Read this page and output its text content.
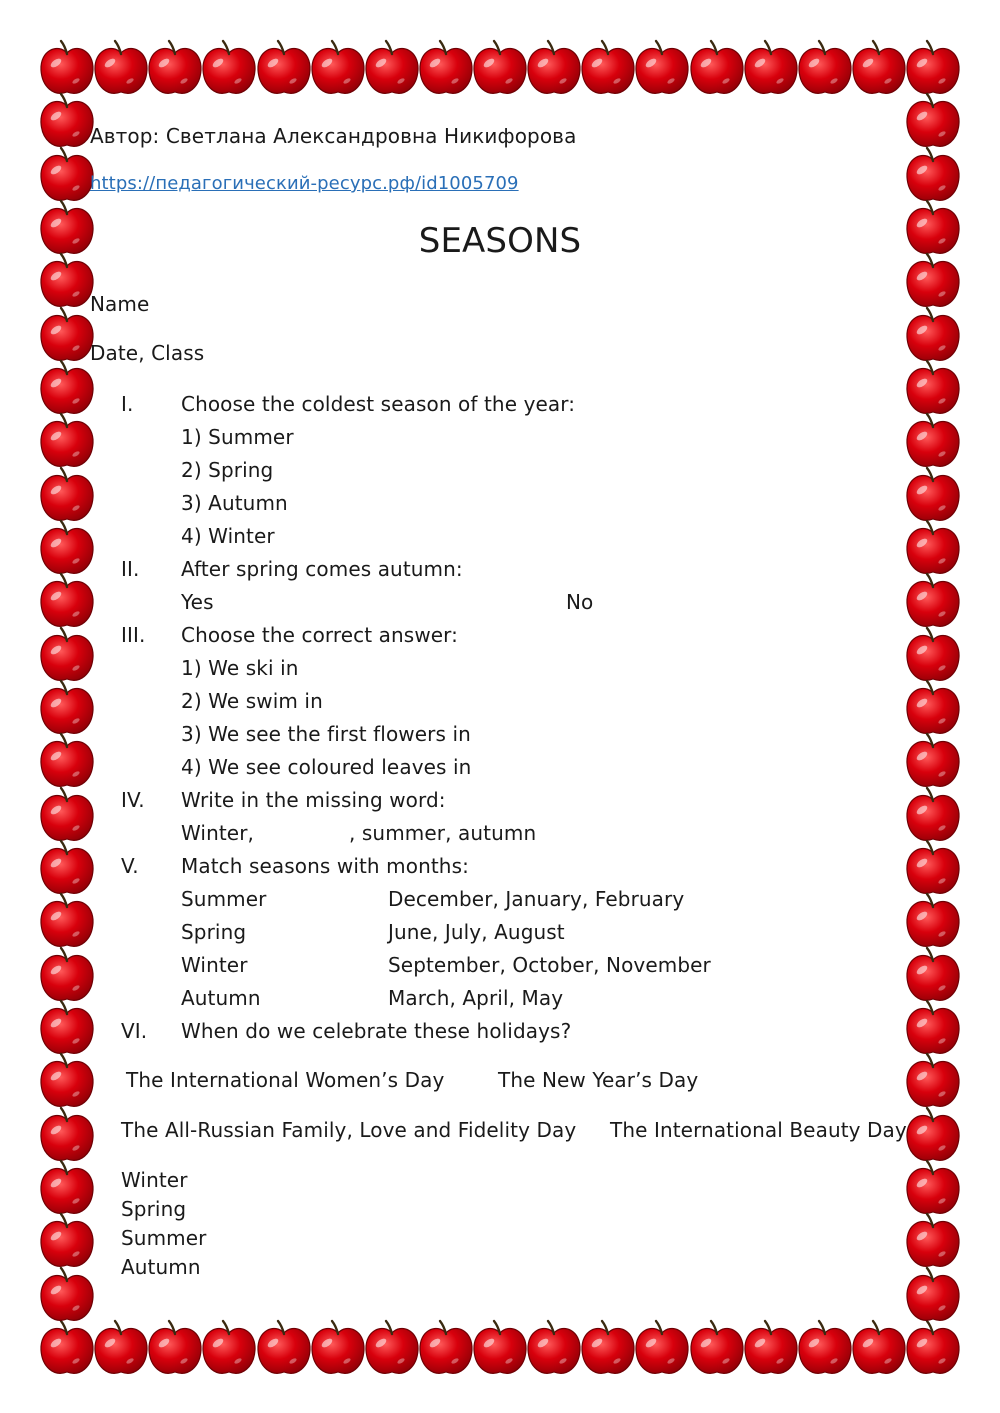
Автор: Светлана Александровна Никифорова
https://педагогический-ресурс.рф/id1005709
SEASONS
Name
Date, Class
I. Choose the coldest season of the year:
1) Summer
2) Spring
3) Autumn
4) Winter
II. After spring comes autumn:
Yes	No
III. Choose the correct answer:
1) We ski in
2) We swim in
3) We see the first flowers in
4) We see coloured leaves in
IV. Write in the missing word:
Winter,	, summer, autumn
V. Match seasons with months:
Summer	December, January, February
Spring	June, July, August
Winter	September, October, November
Autumn	March, April, May
VI. When do we celebrate these holidays?
The International Women’s Day	The New Year’s Day
The All-Russian Family, Love and Fidelity Day The International Beauty Day
Winter
Spring
Summer
Autumn
